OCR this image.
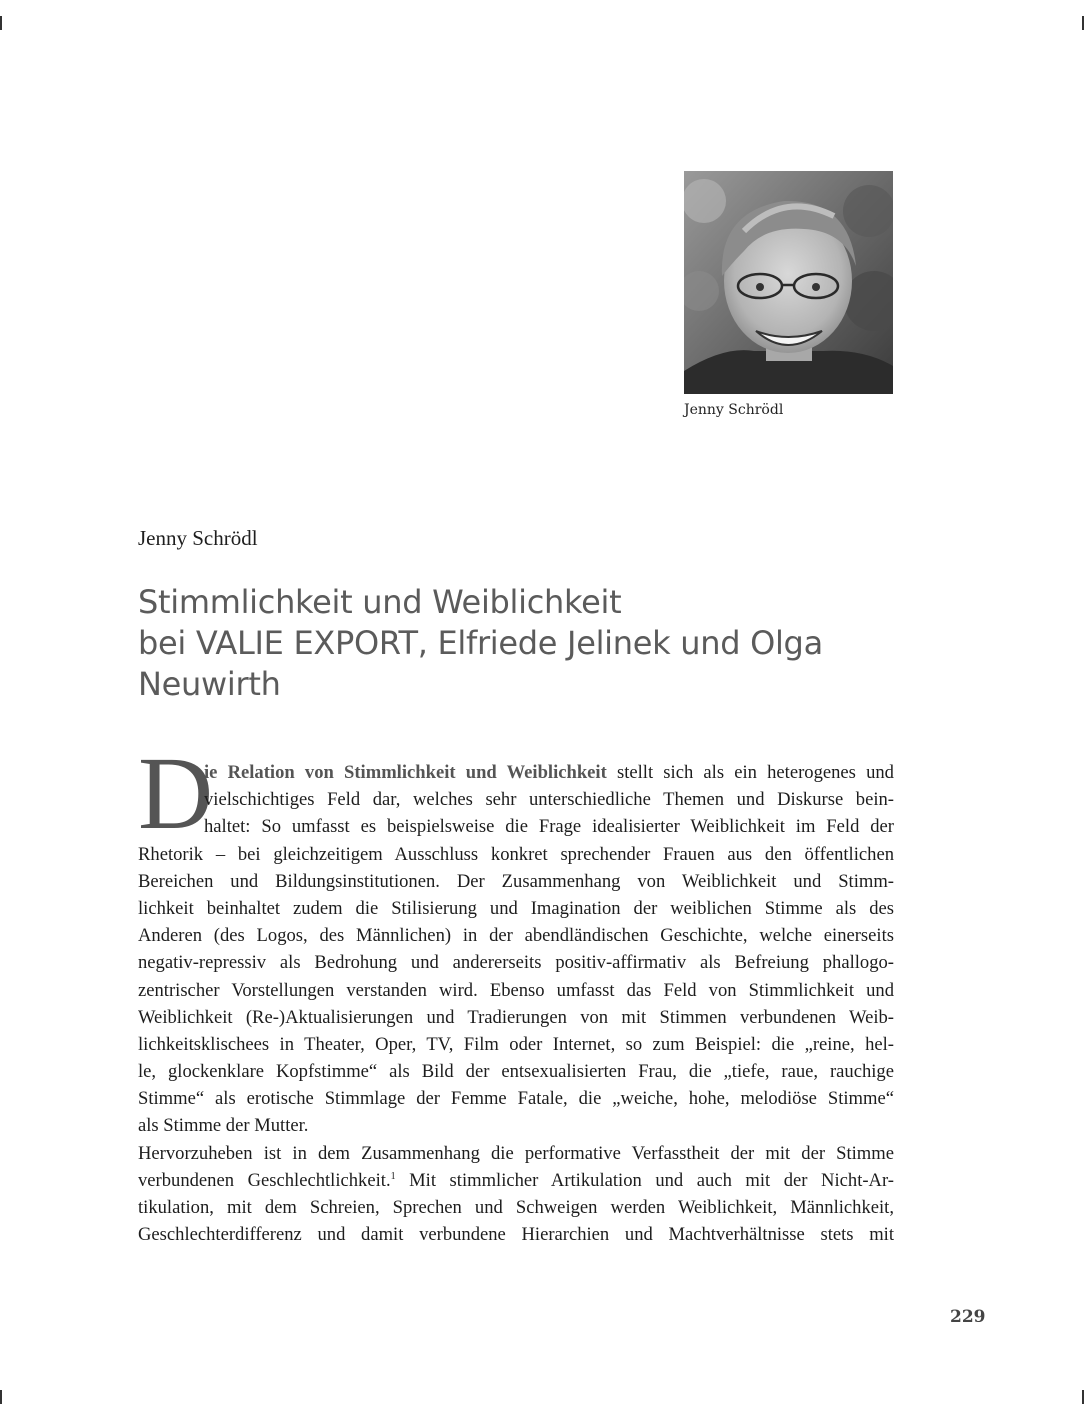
Jenny Schrödl
Jenny Schrödl
Stimmlichkeit und Weiblichkeit
bei VALIE EXPORT, Elfriede Jelinek und Olga
Neuwirth
D
ie Relation von Stimmlichkeit und Weiblichkeit stellt sich als ein heterogenes und
vielschichtiges Feld dar, welches sehr unterschiedliche Themen und Diskurse bein-
haltet: So umfasst es beispielsweise die Frage idealisierter Weiblichkeit im Feld der
Rhetorik – bei gleichzeitigem Ausschluss konkret sprechender Frauen aus den öffentlichen
Bereichen und Bildungsinstitutionen. Der Zusammenhang von Weiblichkeit und Stimm-
lichkeit beinhaltet zudem die Stilisierung und Imagination der weiblichen Stimme als des
Anderen (des Logos, des Männlichen) in der abendländischen Geschichte, welche einerseits
negativ-repressiv als Bedrohung und andererseits positiv-affirmativ als Befreiung phallogo-
zentrischer Vorstellungen verstanden wird. Ebenso umfasst das Feld von Stimmlichkeit und
Weiblichkeit (Re-)Aktualisierungen und Tradierungen von mit Stimmen verbundenen Weib-
lichkeitsklischees in Theater, Oper, TV, Film oder Internet, so zum Beispiel: die „reine, hel-
le, glockenklare Kopfstimme“ als Bild der entsexualisierten Frau, die „tiefe, raue, rauchige
Stimme“ als erotische Stimmlage der Femme Fatale, die „weiche, hohe, melodiöse Stimme“
als Stimme der Mutter.
Hervorzuheben ist in dem Zusammenhang die performative Verfasstheit der mit der Stimme
verbundenen Geschlechtlichkeit.$^1$ Mit stimmlicher Artikulation und auch mit der Nicht-Ar-
tikulation, mit dem Schreien, Sprechen und Schweigen werden Weiblichkeit, Männlichkeit,
Geschlechterdifferenz und damit verbundene Hierarchien und Machtverhältnisse stets mit
229
